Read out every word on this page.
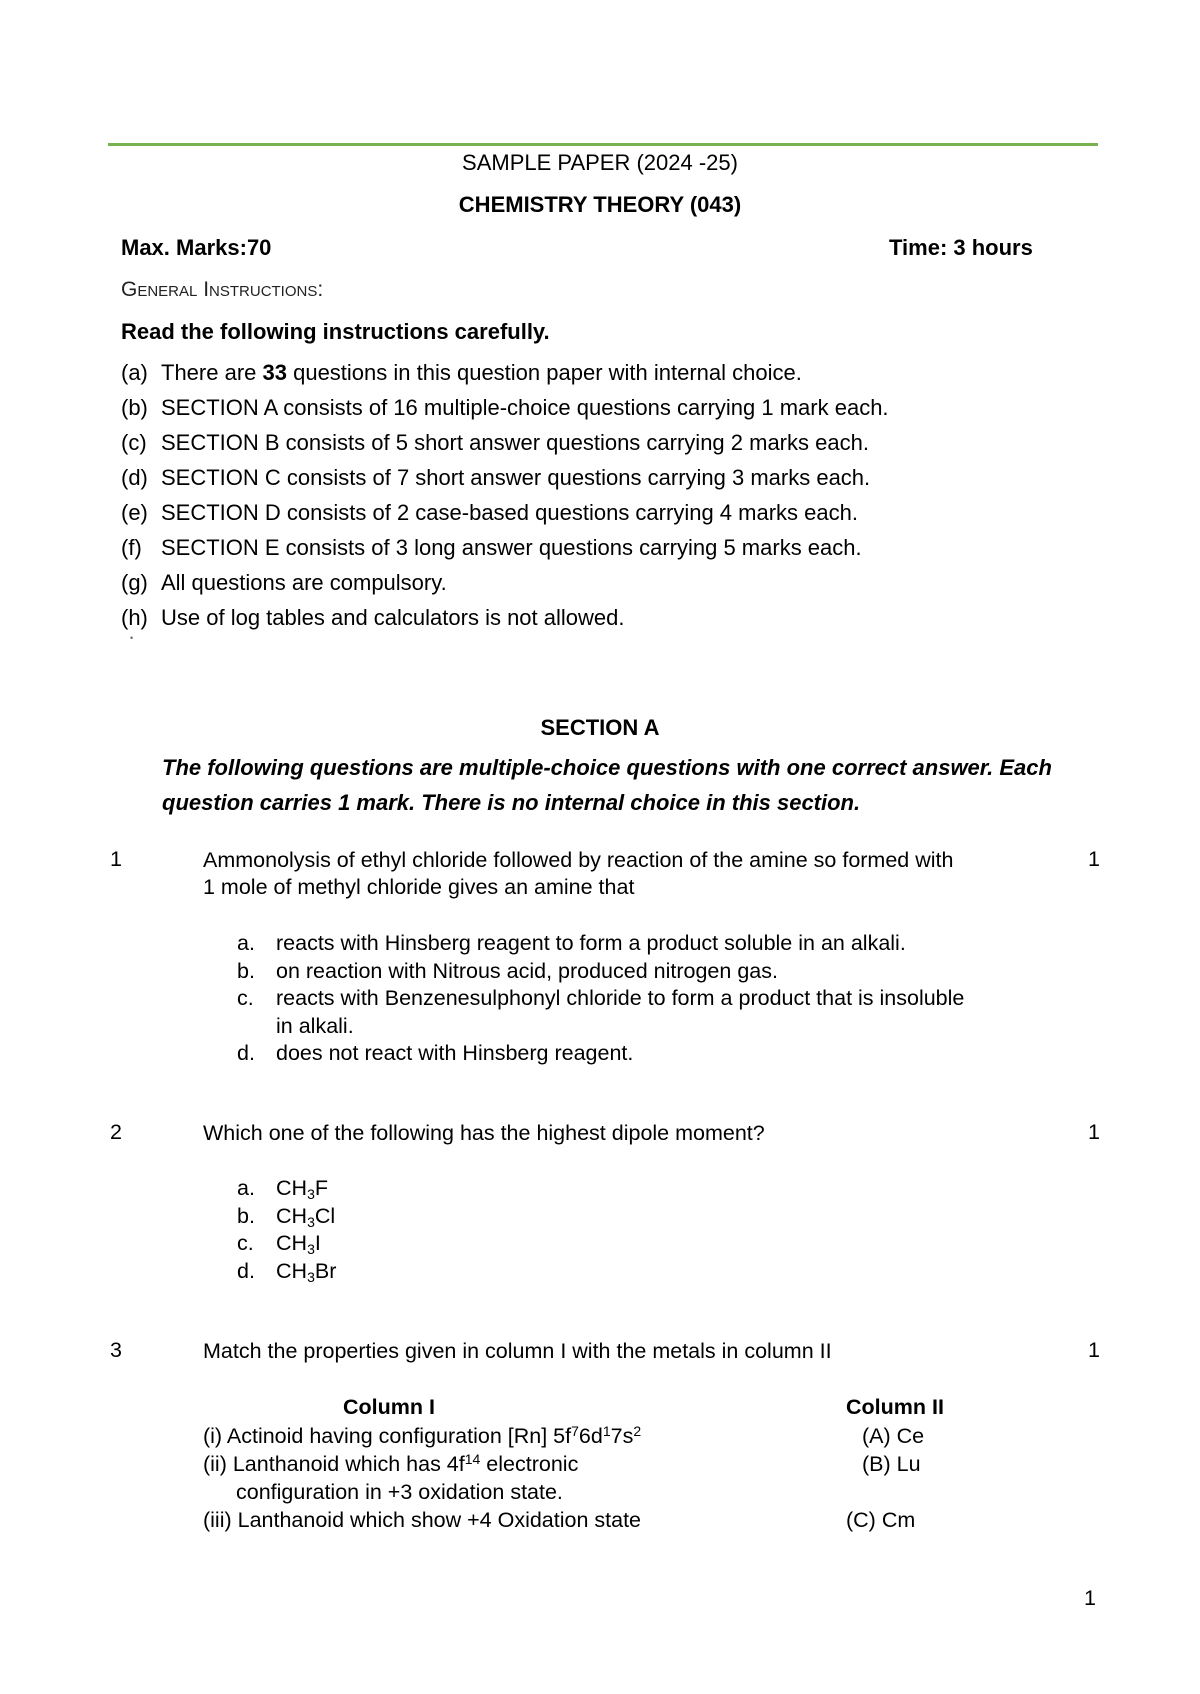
SAMPLE PAPER (2024 -25)
CHEMISTRY THEORY (043)
Max. Marks:70	Time: 3 hours
General Instructions:
Read the following instructions carefully.
(a) There are 33 questions in this question paper with internal choice.
(b) SECTION A consists of 16 multiple-choice questions carrying 1 mark each.
(c) SECTION B consists of 5 short answer questions carrying 2 marks each.
(d) SECTION C consists of 7 short answer questions carrying 3 marks each.
(e) SECTION D consists of 2 case-based questions carrying 4 marks each.
(f) SECTION E consists of 3 long answer questions carrying 5 marks each.
(g) All questions are compulsory.
(h) Use of log tables and calculators is not allowed.
•
SECTION A
The following questions are multiple-choice questions with one correct answer. Each
question carries 1 mark. There is no internal choice in this section.
1	Ammonolysis of ethyl chloride followed by reaction of the amine so formed with
1 mole of methyl chloride gives an amine that
1
a. reacts with Hinsberg reagent to form a product soluble in an alkali.
b. on reaction with Nitrous acid, produced nitrogen gas.
c. reacts with Benzenesulphonyl chloride to form a product that is insoluble
in alkali.
d. does not react with Hinsberg reagent.
2	Which one of the following has the highest dipole moment?	1
a. $CH_3F$
b. $CH_3Cl$
c. $CH_3I$
d. $CH_3Br$
3	Match the properties given in column I with the metals in column II	1
Column I	Column II
(i) Actinoid having configuration [Rn] $5f^76d^17s^2$	(A) Ce
(ii) Lanthanoid which has $4f^{14}$ electronic	(B) Lu
configuration in +3 oxidation state.
(iii) Lanthanoid which show +4 Oxidation state	(C) Cm
1
